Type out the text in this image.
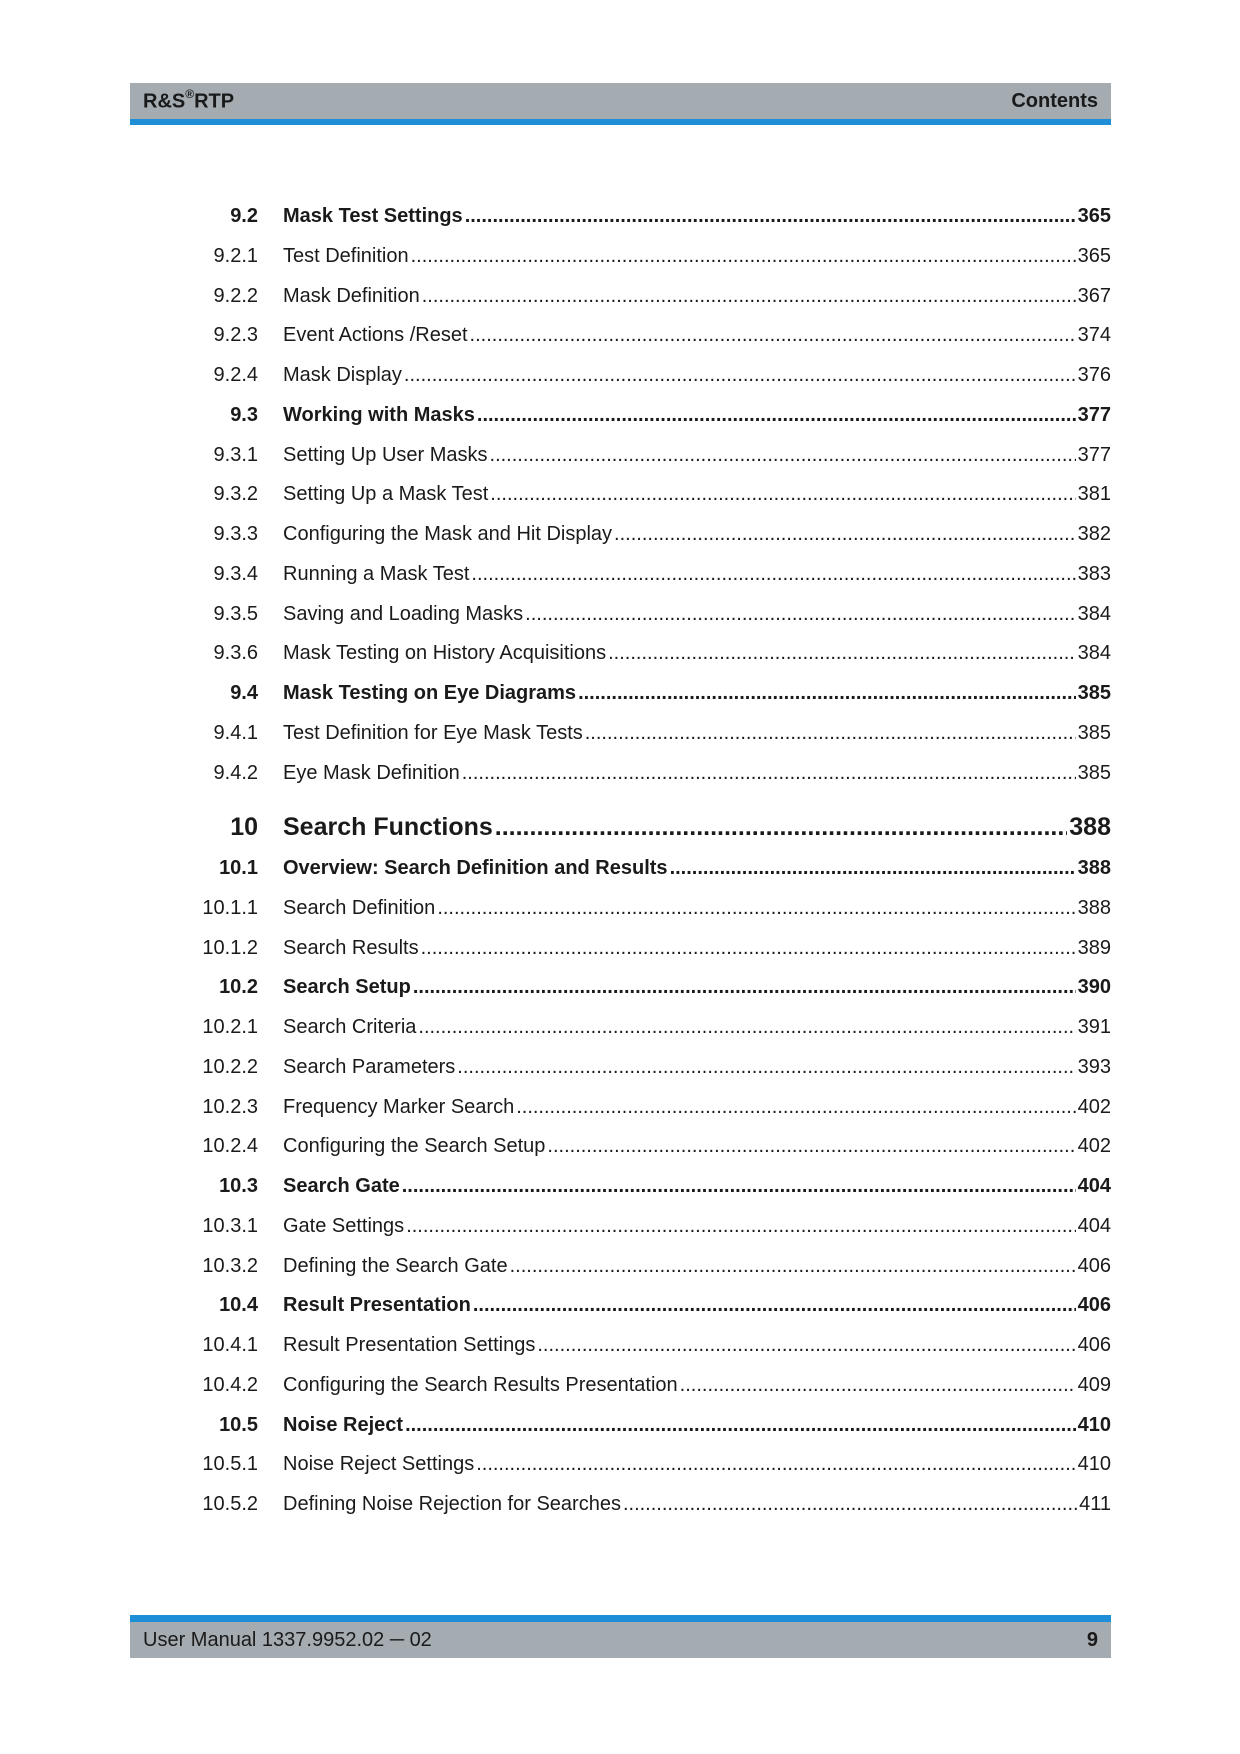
R&S®RTP	Contents
9.2	Mask Test Settings .....	365
9.2.1	Test Definition .....	365
9.2.2	Mask Definition .....	367
9.2.3	Event Actions /Reset .....	374
9.2.4	Mask Display .....	376
9.3	Working with Masks .....	377
9.3.1	Setting Up User Masks .....	377
9.3.2	Setting Up a Mask Test .....	381
9.3.3	Configuring the Mask and Hit Display .....	382
9.3.4	Running a Mask Test .....	383
9.3.5	Saving and Loading Masks .....	384
9.3.6	Mask Testing on History Acquisitions .....	384
9.4	Mask Testing on Eye Diagrams .....	385
9.4.1	Test Definition for Eye Mask Tests .....	385
9.4.2	Eye Mask Definition .....	385
10	Search Functions .....	388
10.1	Overview: Search Definition and Results .....	388
10.1.1	Search Definition .....	388
10.1.2	Search Results .....	389
10.2	Search Setup .....	390
10.2.1	Search Criteria .....	391
10.2.2	Search Parameters .....	393
10.2.3	Frequency Marker Search .....	402
10.2.4	Configuring the Search Setup .....	402
10.3	Search Gate .....	404
10.3.1	Gate Settings .....	404
10.3.2	Defining the Search Gate .....	406
10.4	Result Presentation .....	406
10.4.1	Result Presentation Settings .....	406
10.4.2	Configuring the Search Results Presentation .....	409
10.5	Noise Reject .....	410
10.5.1	Noise Reject Settings .....	410
10.5.2	Defining Noise Rejection for Searches .....	411
User Manual 1337.9952.02 ─ 02	9
